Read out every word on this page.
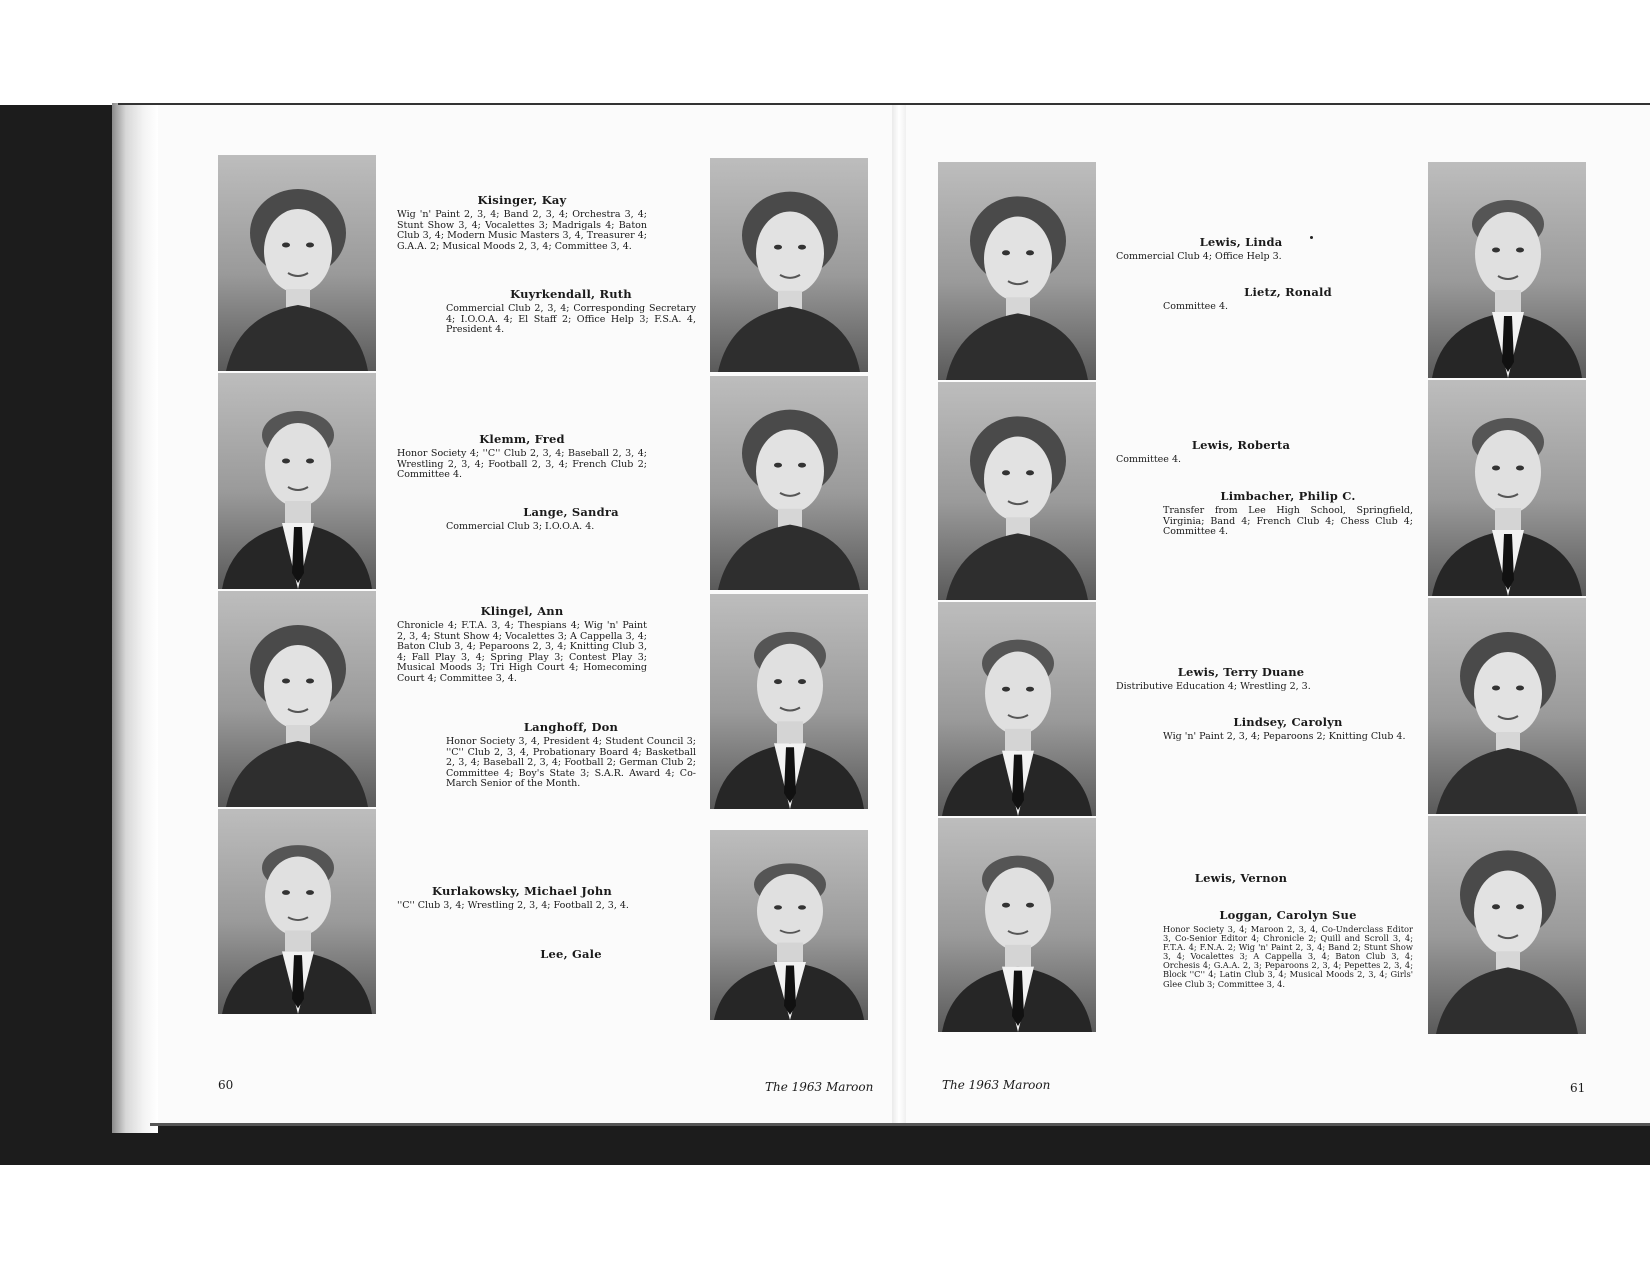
Kisinger, Kay
Wig 'n' Paint 2, 3, 4; Band 2, 3, 4; Orchestra 3, 4; Stunt Show 3, 4; Vocalettes 3; Madrigals 4; Baton Club 3, 4; Modern Music Masters 3, 4, Treasurer 4; G.A.A. 2; Musical Moods 2, 3, 4; Committee 3, 4.
Kuyrkendall, Ruth
Commercial Club 2, 3, 4; Corresponding Secretary 4; I.O.O.A. 4; El Staff 2; Office Help 3; F.S.A. 4, President 4.
Klemm, Fred
Honor Society 4; ''C'' Club 2, 3, 4; Baseball 2, 3, 4; Wrestling 2, 3, 4; Football 2, 3, 4; French Club 2; Committee 4.
Lange, Sandra
Commercial Club 3; I.O.O.A. 4.
Klingel, Ann
Chronicle 4; F.T.A. 3, 4; Thespians 4; Wig 'n' Paint 2, 3, 4; Stunt Show 4; Vocalettes 3; A Cappella 3, 4; Baton Club 3, 4; Peparoons 2, 3, 4; Knitting Club 3, 4; Fall Play 3, 4; Spring Play 3; Contest Play 3; Musical Moods 3; Tri High Court 4; Homecoming Court 4; Committee 3, 4.
Langhoff, Don
Honor Society 3, 4, President 4; Student Council 3; ''C'' Club 2, 3, 4, Probationary Board 4; Basketball 2, 3, 4; Baseball 2, 3, 4; Football 2; German Club 2; Committee 4; Boy's State 3; S.A.R. Award 4; Co-March Senior of the Month.
Kurlakowsky, Michael John
''C'' Club 3, 4; Wrestling 2, 3, 4; Football 2, 3, 4.
Lee, Gale
Lewis, Linda
Commercial Club 4; Office Help 3.
Lietz, Ronald
Committee 4.
Lewis, Roberta
Committee 4.
Limbacher, Philip C.
Transfer from Lee High School, Springfield, Virginia; Band 4; French Club 4; Chess Club 4; Committee 4.
Lewis, Terry Duane
Distributive Education 4; Wrestling 2, 3.
Lindsey, Carolyn
Wig 'n' Paint 2, 3, 4; Peparoons 2; Knitting Club 4.
Lewis, Vernon
Loggan, Carolyn Sue
Honor Society 3, 4; Maroon 2, 3, 4, Co-Underclass Editor 3, Co-Senior Editor 4; Chronicle 2; Quill and Scroll 3, 4; F.T.A. 4; F.N.A. 2; Wig 'n' Paint 2, 3, 4; Band 2; Stunt Show 3, 4; Vocalettes 3; A Cappella 3, 4; Baton Club 3, 4; Orchesis 4; G.A.A. 2, 3; Peparoons 2, 3, 4; Pepettes 2, 3, 4; Block ''C'' 4; Latin Club 3, 4; Musical Moods 2, 3, 4; Girls' Glee Club 3; Committee 3, 4.
60	The 1963 Maroon	The 1963 Maroon	61
